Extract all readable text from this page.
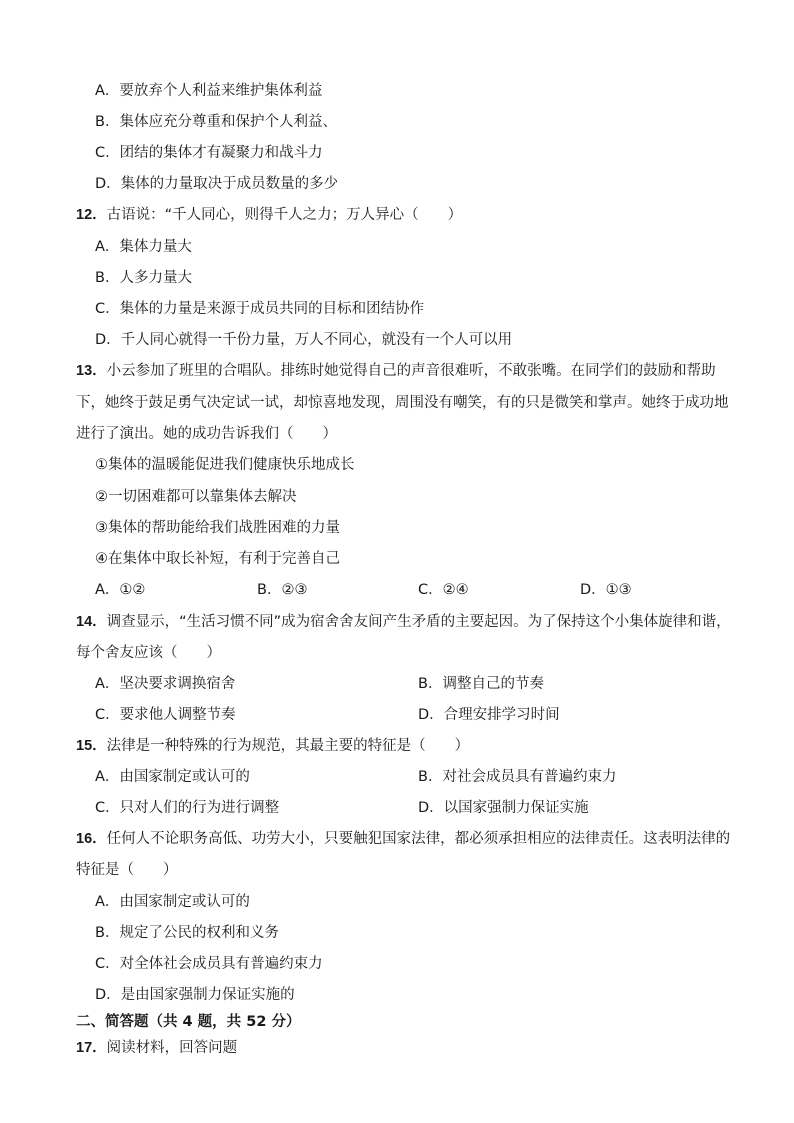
A．要放弃个人利益来维护集体利益
B．集体应充分尊重和保护个人利益、
C．团结的集体才有凝聚力和战斗力
D．集体的力量取决于成员数量的多少
12．古语说：“千人同心，则得千人之力；万人异心（　　）
A．集体力量大
B．人多力量大
C．集体的力量是来源于成员共同的目标和团结协作
D．千人同心就得一千份力量，万人不同心，就没有一个人可以用
13．小云参加了班里的合唱队。排练时她觉得自己的声音很难听，不敢张嘴。在同学们的鼓励和帮助
下，她终于鼓足勇气决定试一试，却惊喜地发现，周围没有嘲笑，有的只是微笑和掌声。她终于成功地
进行了演出。她的成功告诉我们（　　）
①集体的温暖能促进我们健康快乐地成长
②一切困难都可以靠集体去解决
③集体的帮助能给我们战胜困难的力量
④在集体中取长补短，有利于完善自己
A．①②	B．②③	C．②④	D．①③
14．调查显示，“生活习惯不同”成为宿舍舍友间产生矛盾的主要起因。为了保持这个小集体旋律和谐，
每个舍友应该（　　）
A．坚决要求调换宿舍	B．调整自己的节奏
C．要求他人调整节奏	D．合理安排学习时间
15．法律是一种特殊的行为规范，其最主要的特征是（　　）
A．由国家制定或认可的	B．对社会成员具有普遍约束力
C．只对人们的行为进行调整	D．以国家强制力保证实施
16．任何人不论职务高低、功劳大小，只要触犯国家法律，都必须承担相应的法律责任。这表明法律的
特征是（　　）
A．由国家制定或认可的
B．规定了公民的权利和义务
C．对全体社会成员具有普遍约束力
D．是由国家强制力保证实施的
二、简答题（共 4 题，共 52 分）
17．阅读材料，回答问题
